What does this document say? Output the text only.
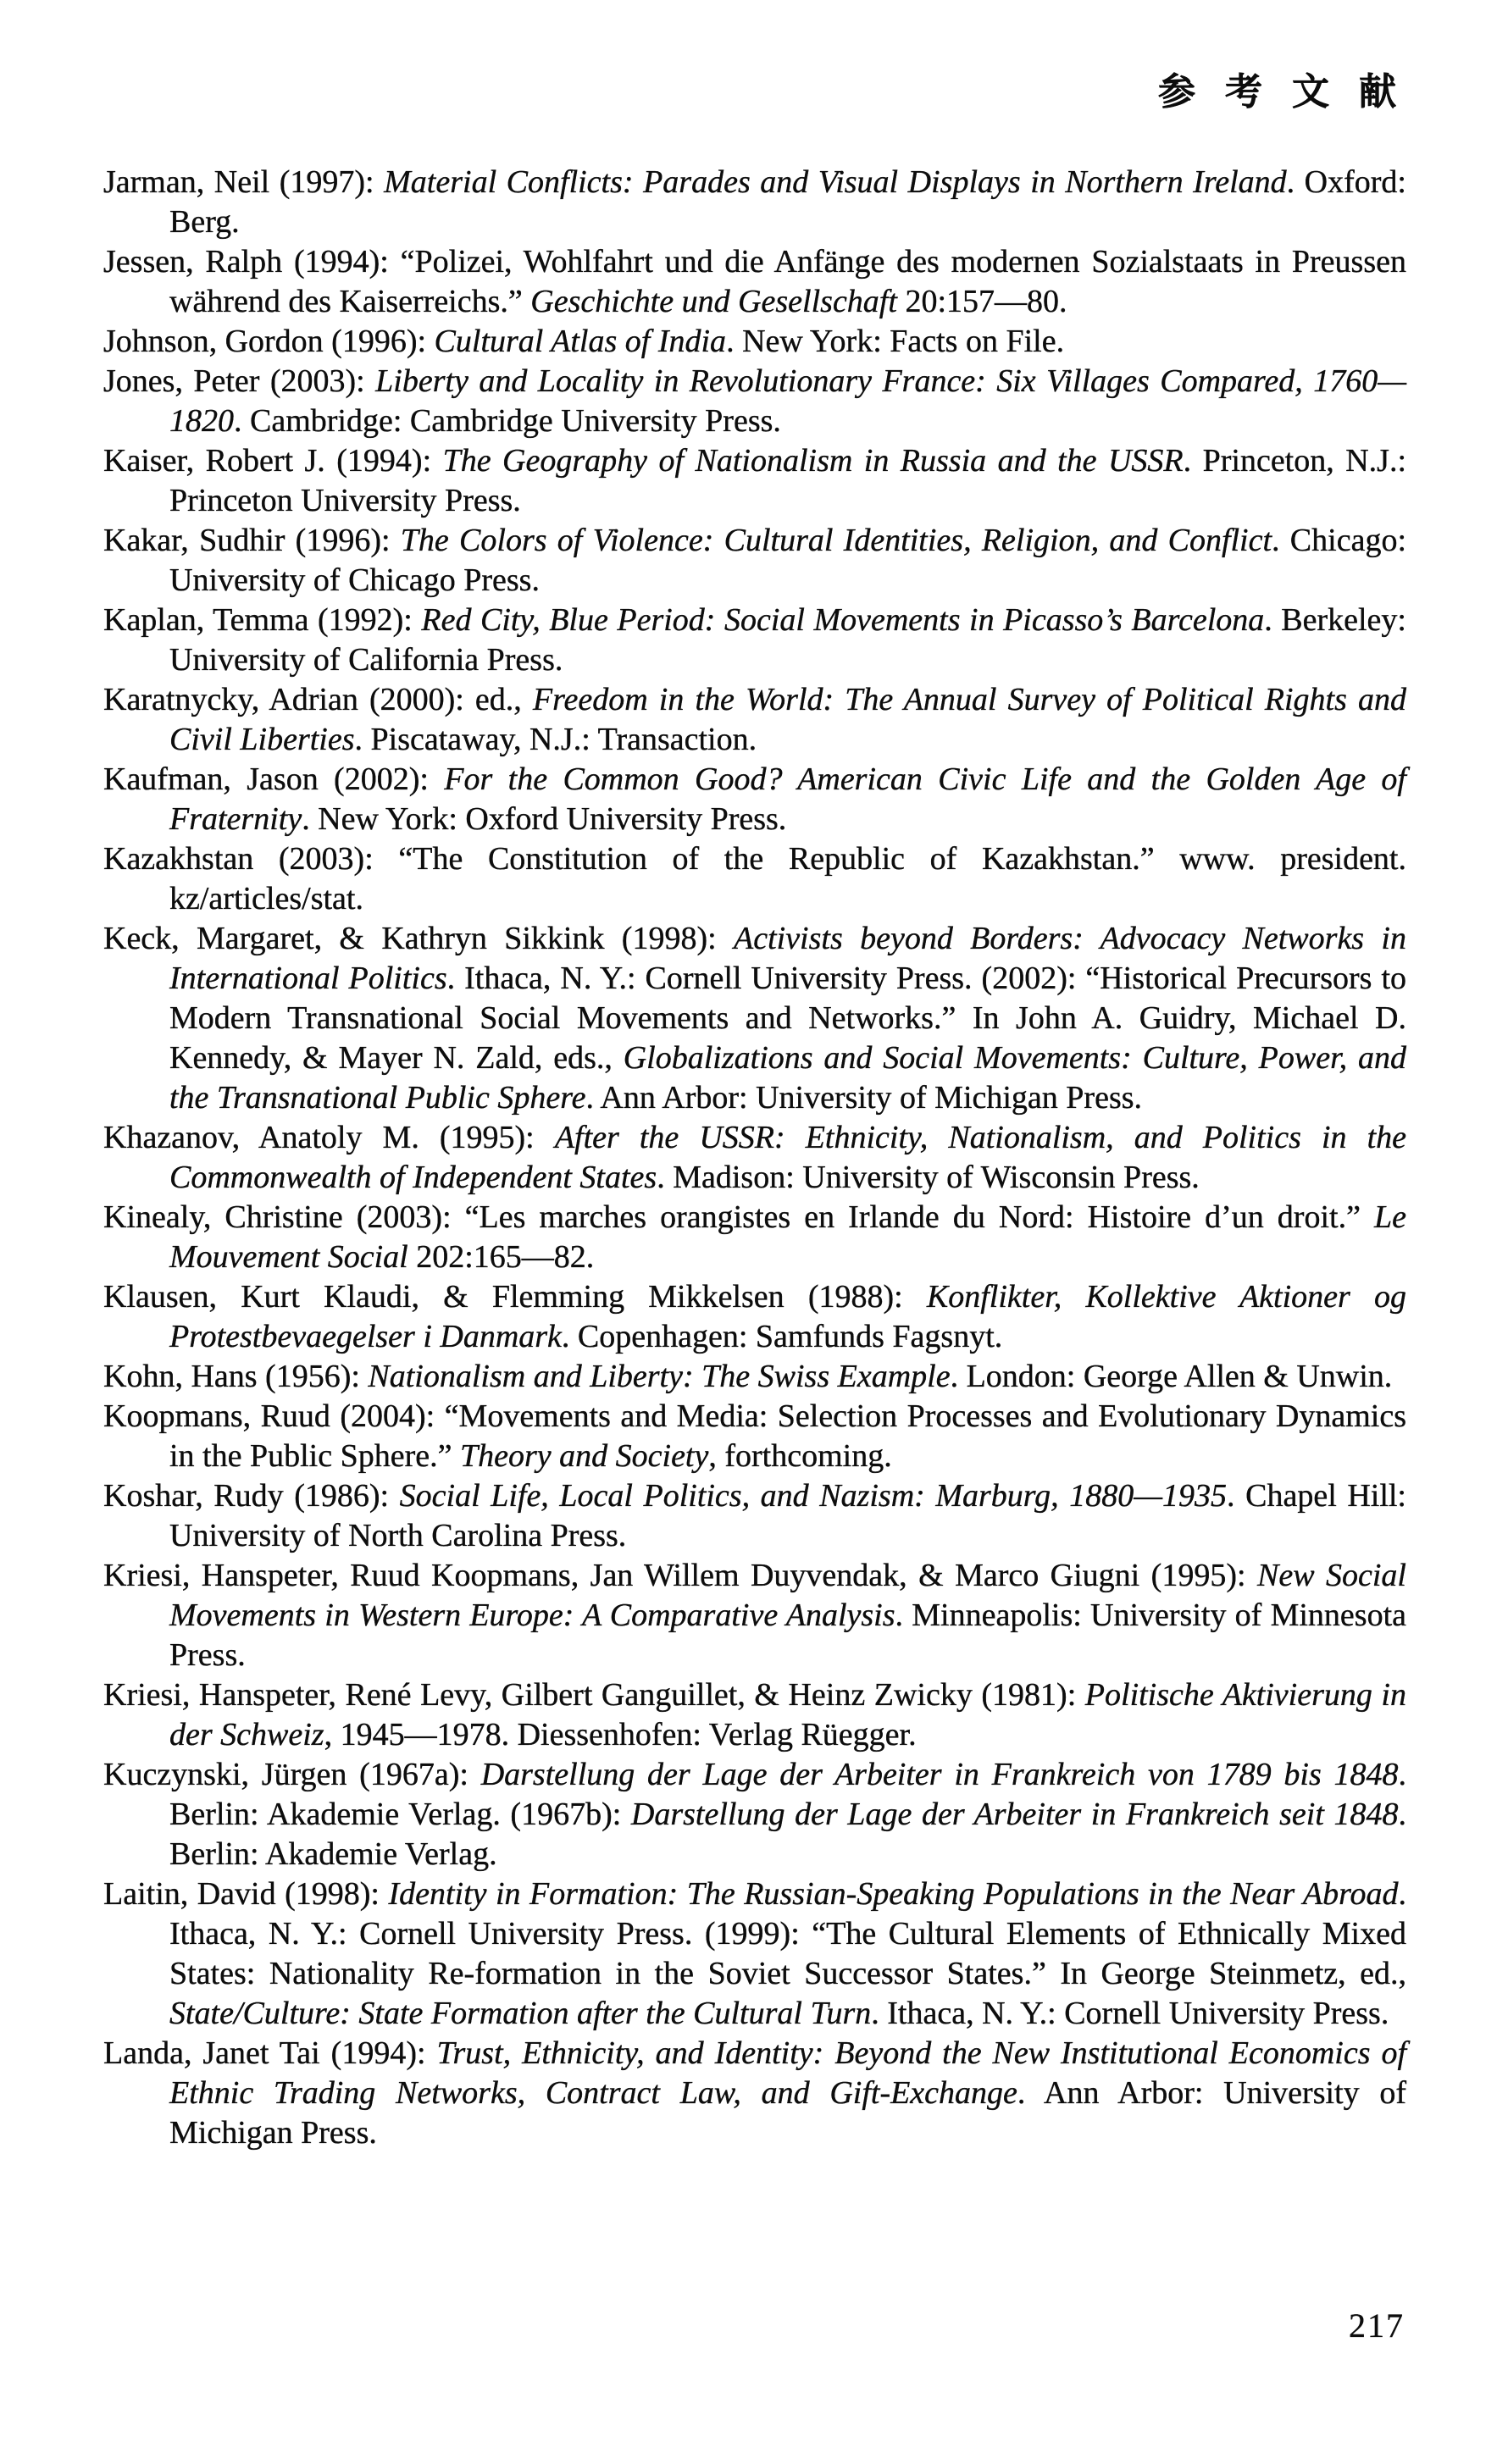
参 考 文 献

Jarman, Neil (1997): Material Conflicts: Parades and Visual Displays in Northern Ireland. Oxford: Berg.

Jessen, Ralph (1994): “Polizei, Wohlfahrt und die Anfänge des modernen Sozialstaats in Preussen während des Kaiserreichs.” Geschichte und Gesellschaft 20:157—80.

Johnson, Gordon (1996): Cultural Atlas of India. New York: Facts on File.

Jones, Peter (2003): Liberty and Locality in Revolutionary France: Six Villages Compared, 1760—1820. Cambridge: Cambridge University Press.

Kaiser, Robert J. (1994): The Geography of Nationalism in Russia and the USSR. Princeton, N.J.: Princeton University Press.

Kakar, Sudhir (1996): The Colors of Violence: Cultural Identities, Religion, and Conflict. Chicago: University of Chicago Press.

Kaplan, Temma (1992): Red City, Blue Period: Social Movements in Picasso’s Barcelona. Berkeley: University of California Press.

Karatnycky, Adrian (2000): ed., Freedom in the World: The Annual Survey of Political Rights and Civil Liberties. Piscataway, N.J.: Transaction.

Kaufman, Jason (2002): For the Common Good? American Civic Life and the Golden Age of Fraternity. New York: Oxford University Press.

Kazakhstan (2003): “The Constitution of the Republic of Kazakhstan.” www. president. kz/articles/stat.

Keck, Margaret, & Kathryn Sikkink (1998): Activists beyond Borders: Advocacy Networks in International Politics. Ithaca, N. Y.: Cornell University Press. (2002): “Historical Precursors to Modern Transnational Social Movements and Networks.” In John A. Guidry, Michael D. Kennedy, & Mayer N. Zald, eds., Globalizations and Social Movements: Culture, Power, and the Transnational Public Sphere. Ann Arbor: University of Michigan Press.

Khazanov, Anatoly M. (1995): After the USSR: Ethnicity, Nationalism, and Politics in the Commonwealth of Independent States. Madison: University of Wisconsin Press.

Kinealy, Christine (2003): “Les marches orangistes en Irlande du Nord: Histoire d’un droit.” Le Mouvement Social 202:165—82.

Klausen, Kurt Klaudi, & Flemming Mikkelsen (1988): Konflikter, Kollektive Aktioner og Protestbevaegelser i Danmark. Copenhagen: Samfunds Fagsnyt.

Kohn, Hans (1956): Nationalism and Liberty: The Swiss Example. London: George Allen & Unwin.

Koopmans, Ruud (2004): “Movements and Media: Selection Processes and Evolutionary Dynamics in the Public Sphere.” Theory and Society, forthcoming.

Koshar, Rudy (1986): Social Life, Local Politics, and Nazism: Marburg, 1880—1935. Chapel Hill: University of North Carolina Press.

Kriesi, Hanspeter, Ruud Koopmans, Jan Willem Duyvendak, & Marco Giugni (1995): New Social Movements in Western Europe: A Comparative Analysis. Minneapolis: University of Minnesota Press.

Kriesi, Hanspeter, René Levy, Gilbert Ganguillet, & Heinz Zwicky (1981): Politische Aktivierung in der Schweiz, 1945—1978. Diessenhofen: Verlag Rüegger.

Kuczynski, Jürgen (1967a): Darstellung der Lage der Arbeiter in Frankreich von 1789 bis 1848. Berlin: Akademie Verlag. (1967b): Darstellung der Lage der Arbeiter in Frankreich seit 1848. Berlin: Akademie Verlag.

Laitin, David (1998): Identity in Formation: The Russian-Speaking Populations in the Near Abroad. Ithaca, N. Y.: Cornell University Press. (1999): “The Cultural Elements of Ethnically Mixed States: Nationality Re-formation in the Soviet Successor States.” In George Steinmetz, ed., State/Culture: State Formation after the Cultural Turn. Ithaca, N. Y.: Cornell University Press.

Landa, Janet Tai (1994): Trust, Ethnicity, and Identity: Beyond the New Institutional Economics of Ethnic Trading Networks, Contract Law, and Gift-Exchange. Ann Arbor: University of Michigan Press.

217
